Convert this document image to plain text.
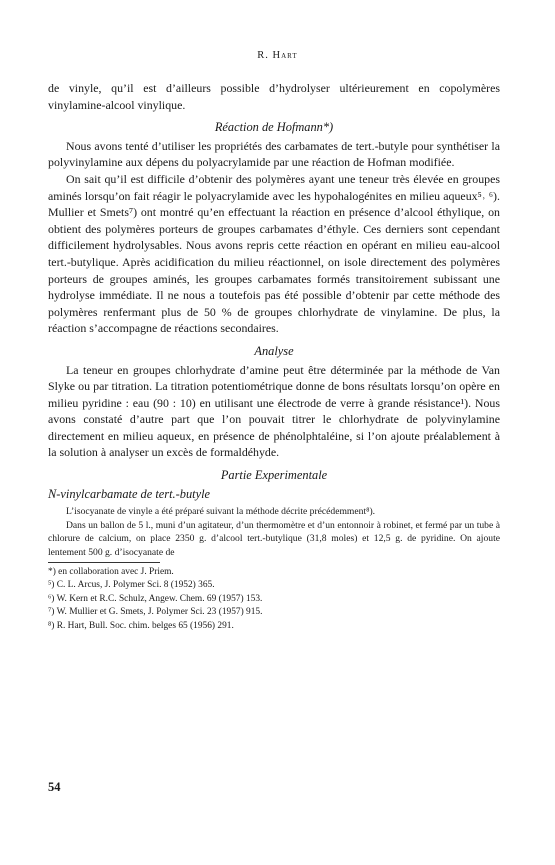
R. Hart

de vinyle, qu’il est d’ailleurs possible d’hydrolyser ultérieurement en copolymères vinylamine-alcool vinylique.

Réaction de Hofmann*)

Nous avons tenté d’utiliser les propriétés des carbamates de tert.-butyle pour synthétiser la polyvinylamine aux dépens du polyacrylamide par une réaction de Hofman modifiée.

On sait qu’il est difficile d’obtenir des polymères ayant une teneur très élevée en groupes aminés lorsqu’on fait réagir le polyacrylamide avec les hypohalogénites en milieu aqueux⁵˒ ⁶). Mullier et Smets⁷) ont montré qu’en effectuant la réaction en présence d’alcool éthylique, on obtient des polymères porteurs de groupes carbamates d’éthyle. Ces derniers sont cependant difficilement hydrolysables. Nous avons repris cette réaction en opérant en milieu eau-alcool tert.-butylique. Après acidification du milieu réactionnel, on isole directement des polymères porteurs de groupes aminés, les groupes carbamates formés transitoirement subissant une hydrolyse immédiate. Il ne nous a toutefois pas été possible d’obtenir par cette méthode des polymères renfermant plus de 50 % de groupes chlorhydrate de vinylamine. De plus, la réaction s’accompagne de réactions secondaires.

Analyse

La teneur en groupes chlorhydrate d’amine peut être déterminée par la méthode de Van Slyke ou par titration. La titration potentiométrique donne de bons résultats lorsqu’on opère en milieu pyridine : eau (90 : 10) en utilisant une électrode de verre à grande résistance¹). Nous avons constaté d’autre part que l’on pouvait titrer le chlorhydrate de polyvinylamine directement en milieu aqueux, en présence de phénolphtaléine, si l’on ajoute préalablement à la solution à analyser un excès de formaldéhyde.

Partie Experimentale
N-vinylcarbamate de tert.-butyle

L’isocyanate de vinyle a été préparé suivant la méthode décrite précédemment⁸).

Dans un ballon de 5 l., muni d’un agitateur, d’un thermomètre et d’un entonnoir à robinet, et fermé par un tube à chlorure de calcium, on place 2350 g. d’alcool tert.-butylique (31,8 moles) et 12,5 g. de pyridine. On ajoute lentement 500 g. d’isocyanate de

*) en collaboration avec J. Priem.

⁵) C. L. Arcus, J. Polymer Sci. 8 (1952) 365.

⁶) W. Kern et R.C. Schulz, Angew. Chem. 69 (1957) 153.

⁷) W. Mullier et G. Smets, J. Polymer Sci. 23 (1957) 915.

⁸) R. Hart, Bull. Soc. chim. belges 65 (1956) 291.

54
